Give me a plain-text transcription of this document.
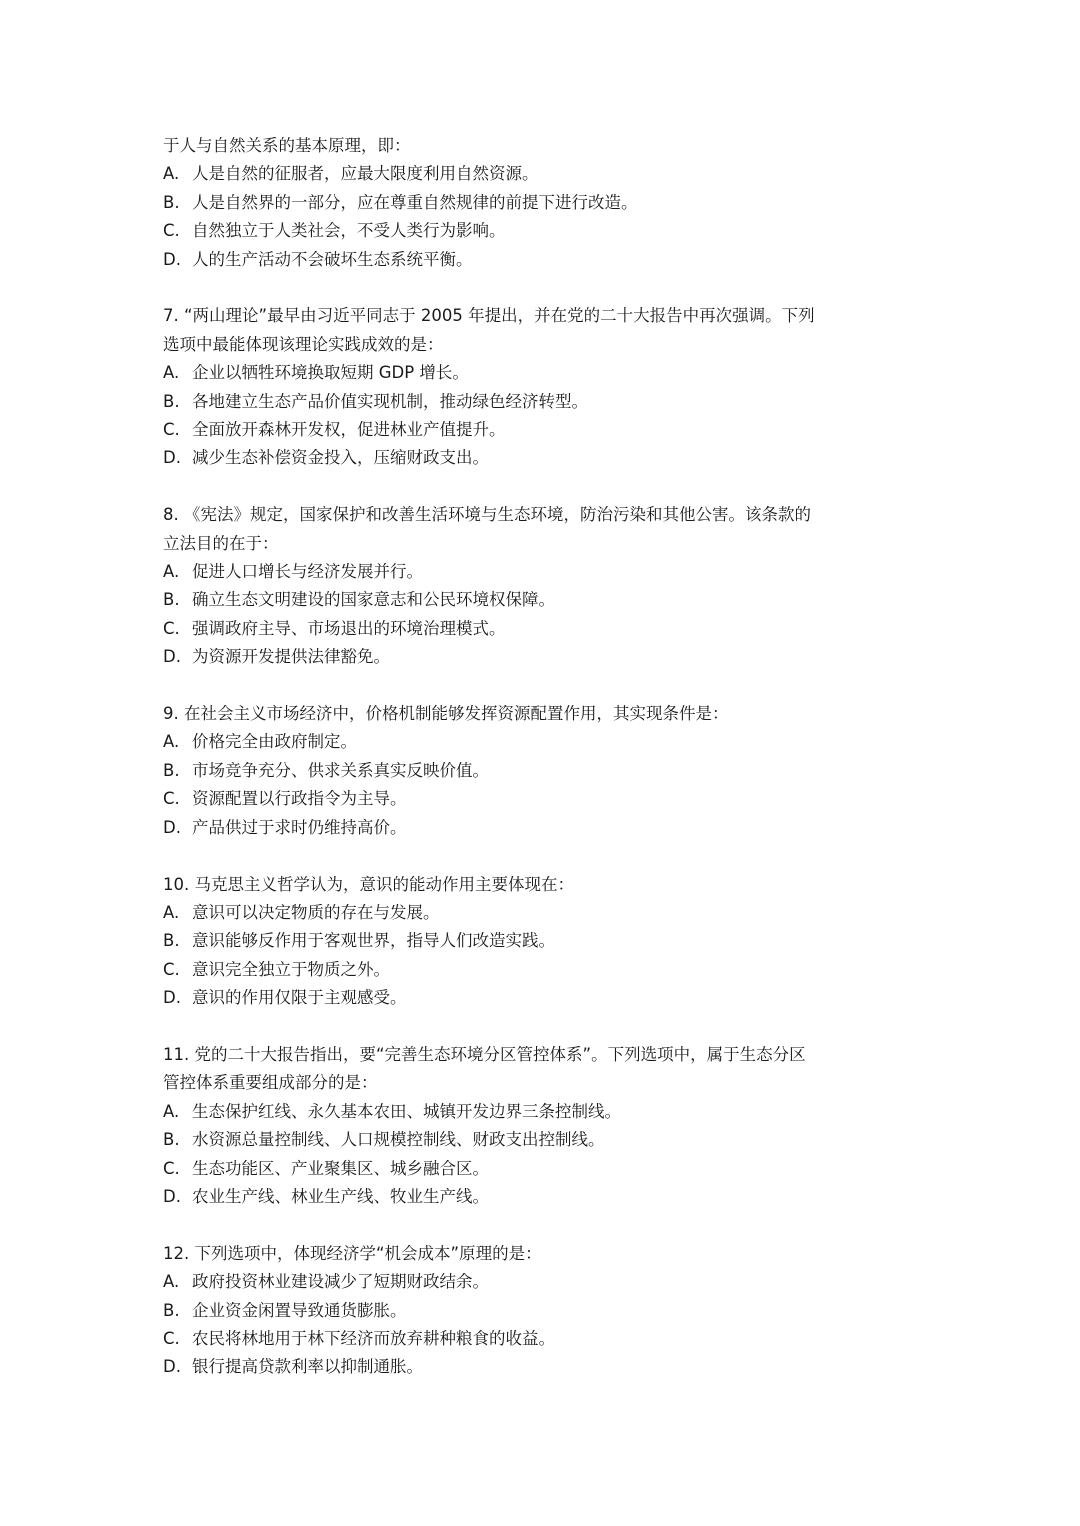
于人与自然关系的基本原理，即：
A. 人是自然的征服者，应最大限度利用自然资源。
B. 人是自然界的一部分，应在尊重自然规律的前提下进行改造。
C. 自然独立于人类社会，不受人类行为影响。
D. 人的生产活动不会破坏生态系统平衡。
7. “两山理论”最早由习近平同志于 2005 年提出，并在党的二十大报告中再次强调。下列
选项中最能体现该理论实践成效的是：
A. 企业以牺牲环境换取短期 GDP 增长。
B. 各地建立生态产品价值实现机制，推动绿色经济转型。
C. 全面放开森林开发权，促进林业产值提升。
D. 减少生态补偿资金投入，压缩财政支出。
8. 《宪法》规定，国家保护和改善生活环境与生态环境，防治污染和其他公害。该条款的
立法目的在于：
A. 促进人口增长与经济发展并行。
B. 确立生态文明建设的国家意志和公民环境权保障。
C. 强调政府主导、市场退出的环境治理模式。
D. 为资源开发提供法律豁免。
9. 在社会主义市场经济中，价格机制能够发挥资源配置作用，其实现条件是：
A. 价格完全由政府制定。
B. 市场竞争充分、供求关系真实反映价值。
C. 资源配置以行政指令为主导。
D. 产品供过于求时仍维持高价。
10. 马克思主义哲学认为，意识的能动作用主要体现在：
A. 意识可以决定物质的存在与发展。
B. 意识能够反作用于客观世界，指导人们改造实践。
C. 意识完全独立于物质之外。
D. 意识的作用仅限于主观感受。
11. 党的二十大报告指出，要“完善生态环境分区管控体系”。下列选项中，属于生态分区
管控体系重要组成部分的是：
A. 生态保护红线、永久基本农田、城镇开发边界三条控制线。
B. 水资源总量控制线、人口规模控制线、财政支出控制线。
C. 生态功能区、产业聚集区、城乡融合区。
D. 农业生产线、林业生产线、牧业生产线。
12. 下列选项中，体现经济学“机会成本”原理的是：
A. 政府投资林业建设减少了短期财政结余。
B. 企业资金闲置导致通货膨胀。
C. 农民将林地用于林下经济而放弃耕种粮食的收益。
D. 银行提高贷款利率以抑制通胀。
